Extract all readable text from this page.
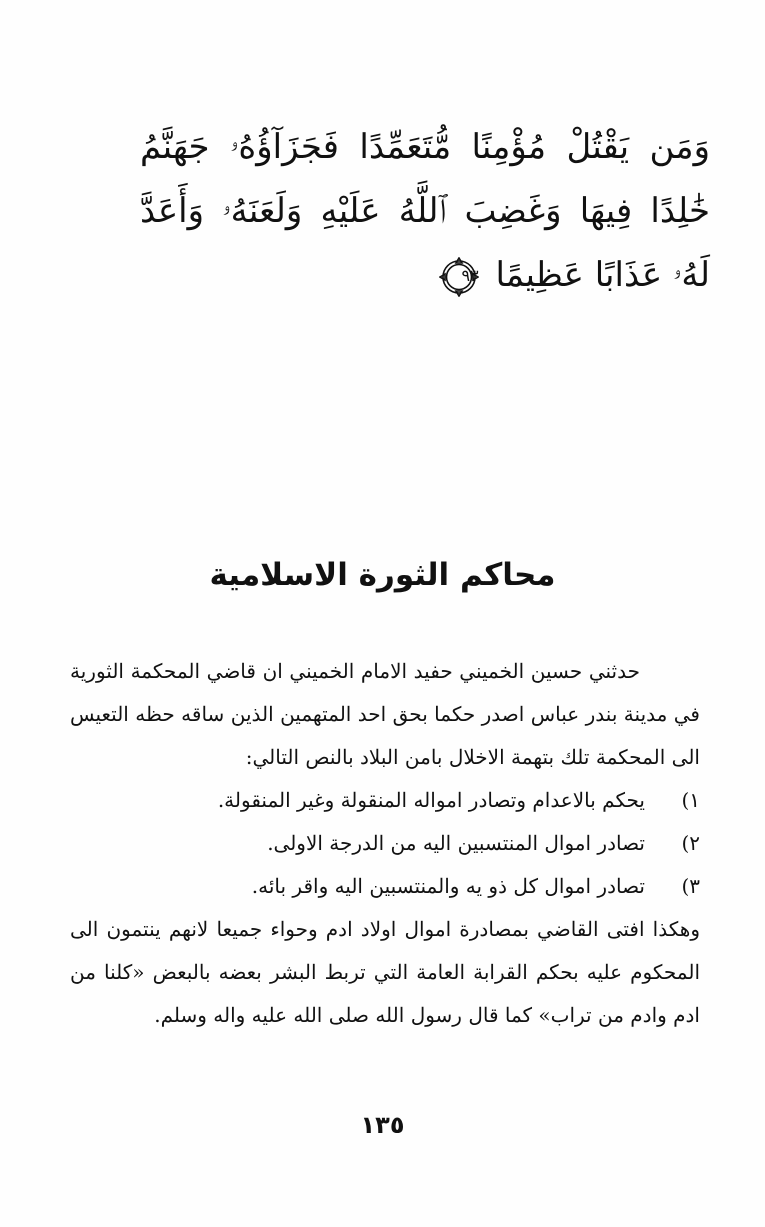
وَمَن يَقْتُلْ مُؤْمِنًا مُّتَعَمِّدًا فَجَزَآؤُهُۥ جَهَنَّمُ خَٰلِدًا فِيهَا وَغَضِبَ ٱللَّهُ عَلَيْهِ وَلَعَنَهُۥ وَأَعَدَّ لَهُۥ عَذَابًا عَظِيمًا
٩٣
محاكم الثورة الاسلامية

حدثني حسين الخميني حفيد الامام الخميني ان قاضي المحكمة الثورية في مدينة بندر عباس اصدر حكما بحق احد المتهمين الذين ساقه حظه التعيس الى المحكمة تلك بتهمة الاخلال بامن البلاد بالنص التالي:

١)
يحكم بالاعدام وتصادر امواله المنقولة وغير المنقولة.

٢)
تصادر اموال المنتسبين اليه من الدرجة الاولى.

٣)
تصادر اموال كل ذو يه والمنتسبين اليه واقر بائه.

وهكذا افتى القاضي بمصادرة اموال اولاد ادم وحواء جميعا لانهم ينتمون الى المحكوم عليه بحكم القرابة العامة التي تربط البشر بعضه بالبعض «كلنا من ادم وادم من تراب» كما قال رسول الله صلى الله عليه واله وسلم.

١٣٥
